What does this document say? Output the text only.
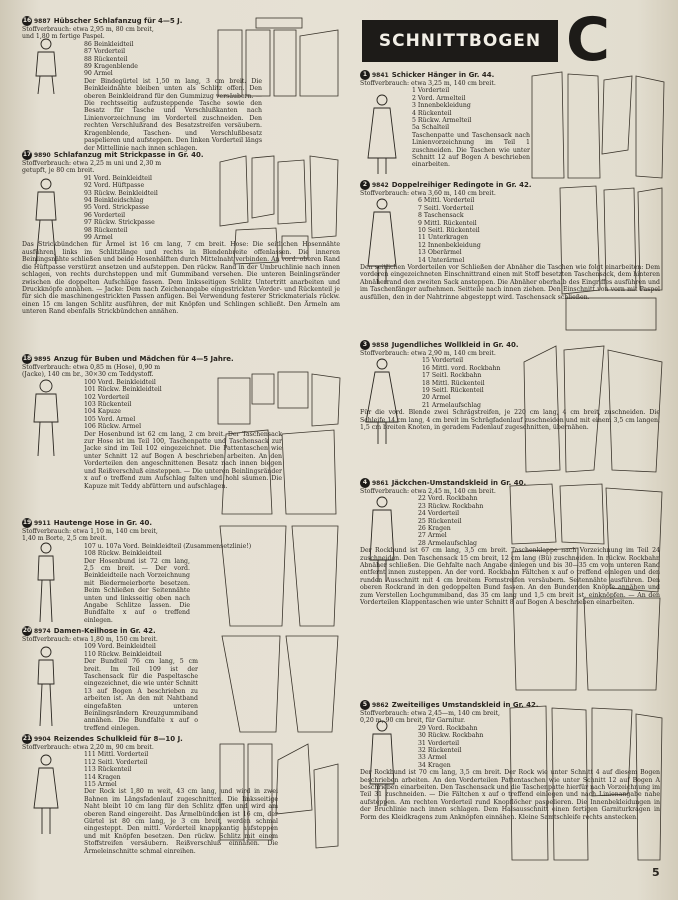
SCHNITTBOGEN C
16 9887 Hübscher Schlafanzug für 4—5 J.
Stoffverbrauch: etwa 2,95 m, 80 cm breit,
und 1,80 m fertige Paspel.
86 Beinkleidteil
87 Vorderteil
88 Rückenteil
89 Kragenblende
90 Ärmel
Der Bindegürtel ist 1,50 m lang, 3 cm breit. Die Beinkleidnähte bleiben unten als Schlitz offen. Den oberen Beinkleidrand für den Gummizug versäubern. — Die rechtsseitig aufzusteppende Tasche sowie den Besatz für Tasche und Verschlußkanten nach Linienvorzeichnung im Vorderteil zuschneiden. Den rechten Verschlußrand des Besatzstreifen versäubern. Kragenblende, Taschen- und Verschlußbesatz paspelieren und aufsteppen. Den linken Vorderteil längs der Mittellinie nach innen schlagen.
17 9890 Schlafanzug mit Strickpasse in Gr. 40.
Stoffverbrauch: etwa 2,25 m uni und 2,30 m
getupft, je 80 cm breit.
91 Vord. Beinkleidteil
92 Vord. Hüftpasse
93 Rückw. Beinkleidteil
94 Beinkleidschlag
95 Vord. Strickpasse
96 Vorderteil
97 Rückw. Strickpasse
98 Rückenteil
99 Ärmel
Das Strickbündchen für Ärmel ist 16 cm lang, 7 cm breit. Hose: Die seitlichen Hosennähte ausführen, links im Schlitzlänge und rechts in Blendenbreite offenlassen. Die inneren Beinlingsnähte schließen und beide Hosenhälften durch Mittelnaht verbinden. An vord. oberen Rand die Hüftpasse verstürzt ansetzen und aufsteppen. Den rückw. Rand in der Umbruchlinie nach innen schlagen, von rechts durchsteppen und mit Gummiband versehen. Die unteren Beinlingsränder zwischen die doppelten Aufschläge fassen. Dem linksseitigen Schlitz Untertritt anarbeiten und Druckknöpfe annähen. — Jacke: Dem nach Zeichenangabe eingestrickten Vorder- und Rückenteil je für sich die maschinengestrickten Passen anfügen. Bei Verwendung festerer Strickmaterials rückw. einen 15 cm langen Schlitz ausführen, der mit Knöpfen und Schlingen schließt. Den Ärmeln am unteren Rand ebenfalls Strickbündchen annähen.
18 9895 Anzug für Buben und Mädchen für 4—5 Jahre.
Stoffverbrauch: etwa 0,85 m (Hose), 0,90 m
(Jacke), 140 cm br., 30×30 cm Teddystoff.
100 Vord. Beinkleidteil
101 Rückw. Beinkleidteil
102 Vorderteil
103 Rückenteil
104 Kapuze
105 Vord. Ärmel
106 Rückw. Ärmel
Der Hosenbund ist 62 cm lang, 2 cm breit. Der Taschensack zur Hose ist im Teil 100, Taschenpatte und Taschensack zur Jacke sind im Teil 102 eingezeichnet. Die Pattentaschen wie unter Schnitt 12 auf Bogen A beschrieben arbeiten. An den Vorderteilen den angeschnittenen Besatz nach innen biegen und Reißverschluß einsteppen. — Die unteren Beinlingsränder x auf o treffend zum Aufschlag falten und hohl säumen. Die Kapuze mit Teddy abfüttern und aufschlagen.
19 9911 Hautenge Hose in Gr. 40.
Stoffverbrauch: etwa 1,10 m, 140 cm breit,
1,40 m Borte, 2,5 cm breit.
107 u. 107a Vord. Beinkleidteil (Zusammensetzlinie!)
108 Rückw. Beinkleidteil
Der Hosenbund ist 72 cm lang, 2,5 cm breit. — Der vord. Beinkleidteile nach Vorzeichnung mit Biedermeierborte besetzen. Beim Schließen der Seitennähte unten und linksseitig oben nach Angabe Schlitze lassen. Die Bundfalte x auf o treffend einlegen.
20 8974 Damen-Keilhose in Gr. 42.
Stoffverbrauch: etwa 1,80 m, 150 cm breit.
109 Vord. Beinkleidteil
110 Rückw. Beinkleidteil
Der Bundteil 76 cm lang, 5 cm breit. Im Teil 109 ist der Taschensack für die Paspeltasche eingezeichnet, die wie unter Schnitt 13 auf Bogen A beschrieben zu arbeiten ist. An den mit Nahtband eingefaßten unteren Beinlingsrändern Kreuzgummiband annähen. Die Bundfalte x auf o treffend einlegen.
21 9904 Reizendes Schulkleid für 8—10 J.
Stoffverbrauch: etwa 2,20 m, 90 cm breit.
111 Mittl. Vorderteil
112 Seitl. Vorderteil
113 Rückenteil
114 Kragen
115 Ärmel
Der Rock ist 1,80 m weit, 43 cm lang, und wird in zwei Bahnen im Längsfadenlauf zugeschnitten. Die linksseitige Naht bleibt 10 cm lang für den Schlitz offen und wird am oberen Rand eingereiht. Das Ärmelbündchen ist 16 cm, der Gürtel ist 80 cm lang, je 3 cm breit, werden schmal eingesteppt. Den mittl. Vorderteil knappkantig aufsteppen und mit Knöpfen besetzen. Den rückw. Schlitz mit einem Stoffstreifen versäubern. Reißverschluß einnähen. Die Ärmeleinschnitte schmal einreihen.
1 9841 Schicker Hänger in Gr. 44.
Stoffverbrauch: etwa 3,25 m, 140 cm breit.
1 Vorderteil
2 Vord. Ärmelteil
3 Innenbekleidung
4 Rückenteil
5 Rückw. Ärmelteil
5a Schalteil
Taschenpatte und Taschensack nach Linienvorzeichnung im Teil 1 zuschneiden. Die Taschen wie unter Schnitt 12 auf Bogen A beschrieben einarbeiten.
2 9842 Doppelreihiger Redingote in Gr. 42.
Stoffverbrauch: etwa 3,60 m, 140 cm breit.
6 Mittl. Vorderteil
7 Seitl. Vorderteil
8 Taschensack
9 Mittl. Rückenteil
10 Seitl. Rückenteil
11 Unterkragen
12 Innenbekleidung
13 Oberärmel
14 Unterärmel
Den seitlichen Vorderteilen vor Schließen der Abnäher die Taschen wie folgt einarbeiten: Dem vorderen eingezeichneten Einschnittrand einen mit Stoff besetzten Taschensack, dem hinteren Abnäherrand den zweiten Sack ansteppen. Die Abnäher oberhalb des Eingriffes ausführen und im Taschenfänger aufnehmen. Seitteile nach innen ziehen. Den Einschnitt von vorn mit Paspel ausfüllen, den in der Nahtrinne abgesteppt wird. Taschensack schließen.
3 9858 Jugendliches Wollkleid in Gr. 40.
Stoffverbrauch: etwa 2,90 m, 140 cm breit.
15 Vorderteil
16 Mittl. vord. Rockbahn
17 Seitl. Rockbahn
18 Mittl. Rückenteil
19 Seitl. Rückenteil
20 Ärmel
21 Ärmelaufschlag
Für die vord. Blende zwei Schrägstreifen, je 220 cm lang, 4 cm breit, zuschneiden. Die Schleife 14 cm lang, 4 cm breit im Schrägfadenlauf zuschneiden und mit einem 3,5 cm langen, 1,5 cm breiten Knoten, in geradem Fadenlauf zugeschnitten, übernähen.
4 9861 Jäckchen-Umstandskleid in Gr. 40.
Stoffverbrauch: etwa 2,45 m, 140 cm breit.
22 Vord. Rockbahn
23 Rückw. Rockbahn
24 Vorderteil
25 Rückenteil
26 Kragen
27 Ärmel
28 Ärmelaufschlag
Der Rockbund ist 67 cm lang, 3,5 cm breit. Taschenklappe nach Vorzeichnung im Teil 24 zuschneiden. Den Taschensack 15 cm breit, 12 cm lang (Bü) zuschneiden. In rückw. Rockbahn Abnäher schließen. Die Gehfalte nach Angabe einlegen und bis 30—35 cm vom unteren Rand entfernt innen zusteppen. An der vord. Rockbahn Fältchen x auf o treffend einlegen und den runden Ausschnitt mit 4 cm breitem Formstreifen versäubern. Seitennähte ausführen. Den oberen Rockrand in den gedoppelten Bund fassen. An den Bundenden Knöpfe annähen und zum Verstellen Lochgummiband, das 35 cm lang und 1,5 cm breit ist, einknöpfen. — An den Vorderteilen Klappentaschen wie unter Schnitt 8 auf Bogen A beschrieben einarbeiten.
5 9862 Zweiteiliges Umstandskleid in Gr. 42.
Stoffverbrauch: etwa 2,45—m, 140 cm breit,
0,20 m, 90 cm breit, für Garnitur.
29 Vord. Rockbahn
30 Rückw. Rockbahn
31 Vorderteil
32 Rückenteil
33 Ärmel
34 Kragen
Der Rockbund ist 70 cm lang, 3,5 cm breit. Der Rock wie unter Schnitt 4 auf diesem Bogen beschrieben arbeiten. An den Vorderteilen Pattentaschen wie unter Schnitt 12 auf Bogen A beschrieben einarbeiten. Den Taschensack und die Taschenpatte hierfür nach Vorzeichnung im Teil 31 zuschneiden. — Die Fältchen x auf o treffend einlegen und nach Linienangabe nahe aufsteppen. Am rechten Vorderteil rund Knopflöcher paspelieren. Die Innenbekleidungen in der Bruchlinie nach innen schlagen. Dem Halsausschnitt einen fertigen Garniturkragen in Form des Kleidkragens zum Anknöpfen einnähen. Kleine Samtschleife rechts anstecken.
5
